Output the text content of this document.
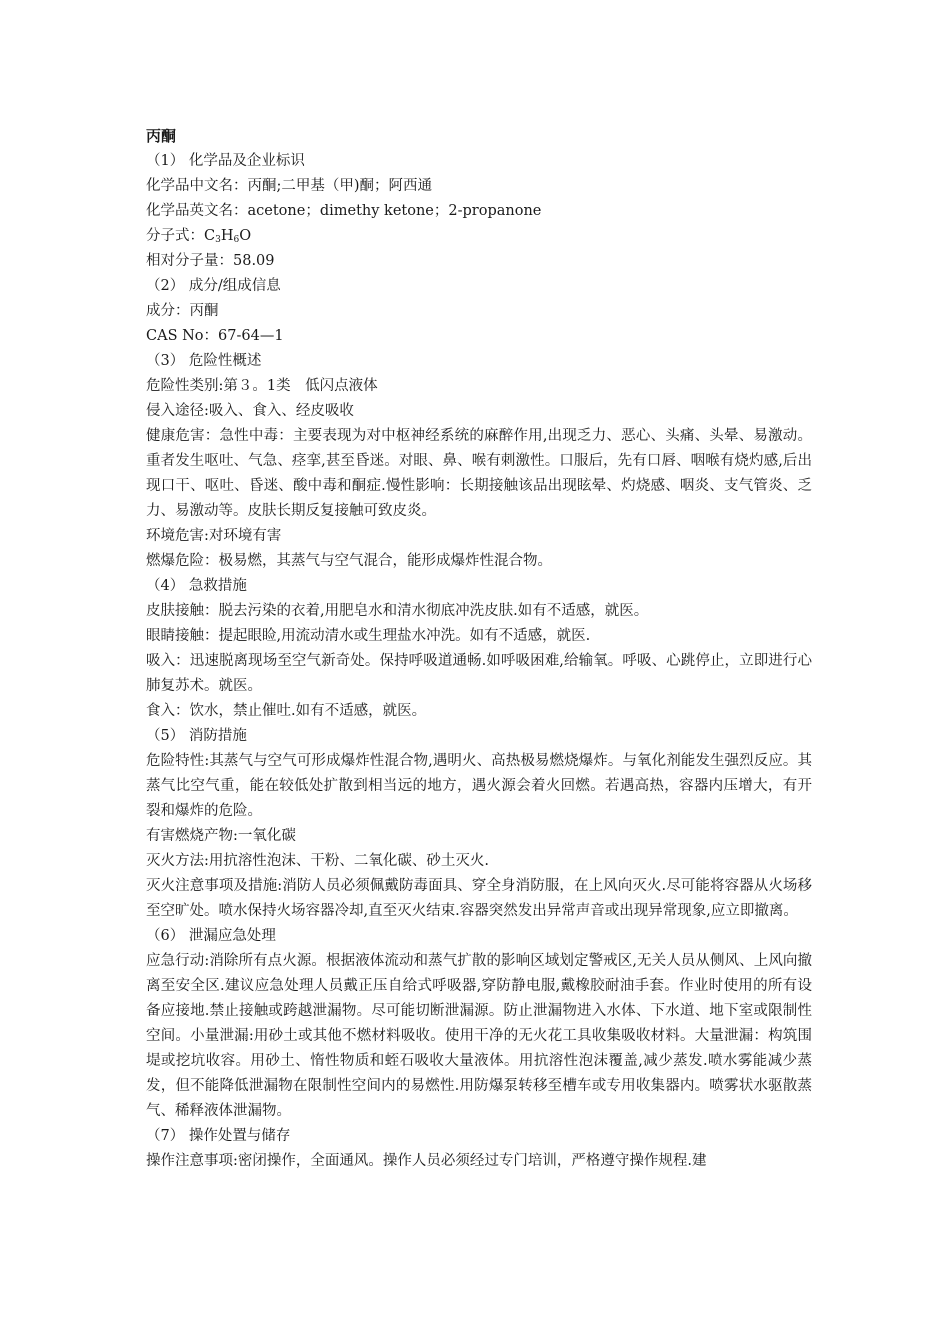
丙酮

（1） 化学品及企业标识

化学品中文名：丙酮;二甲基（甲)酮；阿西通

化学品英文名：acetone；dimethy ketone；2-propanone

分子式：$C_3H_6O$

相对分子量：58.09

（2） 成分/组成信息

成分：丙酮

CAS No：67-64—1

（3） 危险性概述

危险性类别:第３。1类　低闪点液体

侵入途径:吸入、食入、经皮吸收

健康危害：急性中毒：主要表现为对中枢神经系统的麻醉作用,出现乏力、恶心、头痛、头晕、易激动。重者发生呕吐、气急、痉挛,甚至昏迷。对眼、鼻、喉有刺激性。口服后，先有口唇、咽喉有烧灼感,后出现口干、呕吐、昏迷、酸中毒和酮症.慢性影响：长期接触该品出现眩晕、灼烧感、咽炎、支气管炎、乏力、易激动等。皮肤长期反复接触可致皮炎。

环境危害:对环境有害

燃爆危险：极易燃，其蒸气与空气混合，能形成爆炸性混合物。

（4） 急救措施

皮肤接触：脱去污染的衣着,用肥皂水和清水彻底冲洗皮肤.如有不适感，就医。

眼睛接触：提起眼睑,用流动清水或生理盐水冲洗。如有不适感，就医.

吸入：迅速脱离现场至空气新奇处。保持呼吸道通畅.如呼吸困难,给输氧。呼吸、心跳停止，立即进行心肺复苏术。就医。

食入：饮水，禁止催吐.如有不适感，就医。

（5） 消防措施

危险特性:其蒸气与空气可形成爆炸性混合物,遇明火、高热极易燃烧爆炸。与氧化剂能发生强烈反应。其蒸气比空气重，能在较低处扩散到相当远的地方，遇火源会着火回燃。若遇高热，容器内压增大，有开裂和爆炸的危险。

有害燃烧产物:一氧化碳

灭火方法:用抗溶性泡沫、干粉、二氧化碳、砂土灭火.

灭火注意事项及措施:消防人员必须佩戴防毒面具、穿全身消防服，在上风向灭火.尽可能将容器从火场移至空旷处。喷水保持火场容器冷却,直至灭火结束.容器突然发出异常声音或出现异常现象,应立即撤离。

（6） 泄漏应急处理

应急行动:消除所有点火源。根据液体流动和蒸气扩散的影响区域划定警戒区,无关人员从侧风、上风向撤离至安全区.建议应急处理人员戴正压自给式呼吸器,穿防静电服,戴橡胶耐油手套。作业时使用的所有设备应接地.禁止接触或跨越泄漏物。尽可能切断泄漏源。防止泄漏物进入水体、下水道、地下室或限制性空间。小量泄漏:用砂土或其他不燃材料吸收。使用干净的无火花工具收集吸收材料。大量泄漏：构筑围堤或挖坑收容。用砂土、惰性物质和蛭石吸收大量液体。用抗溶性泡沫覆盖,减少蒸发.喷水雾能减少蒸发，但不能降低泄漏物在限制性空间内的易燃性.用防爆泵转移至槽车或专用收集器内。喷雾状水驱散蒸气、稀释液体泄漏物。

（7） 操作处置与储存

操作注意事项:密闭操作，全面通风。操作人员必须经过专门培训，严格遵守操作规程.建
